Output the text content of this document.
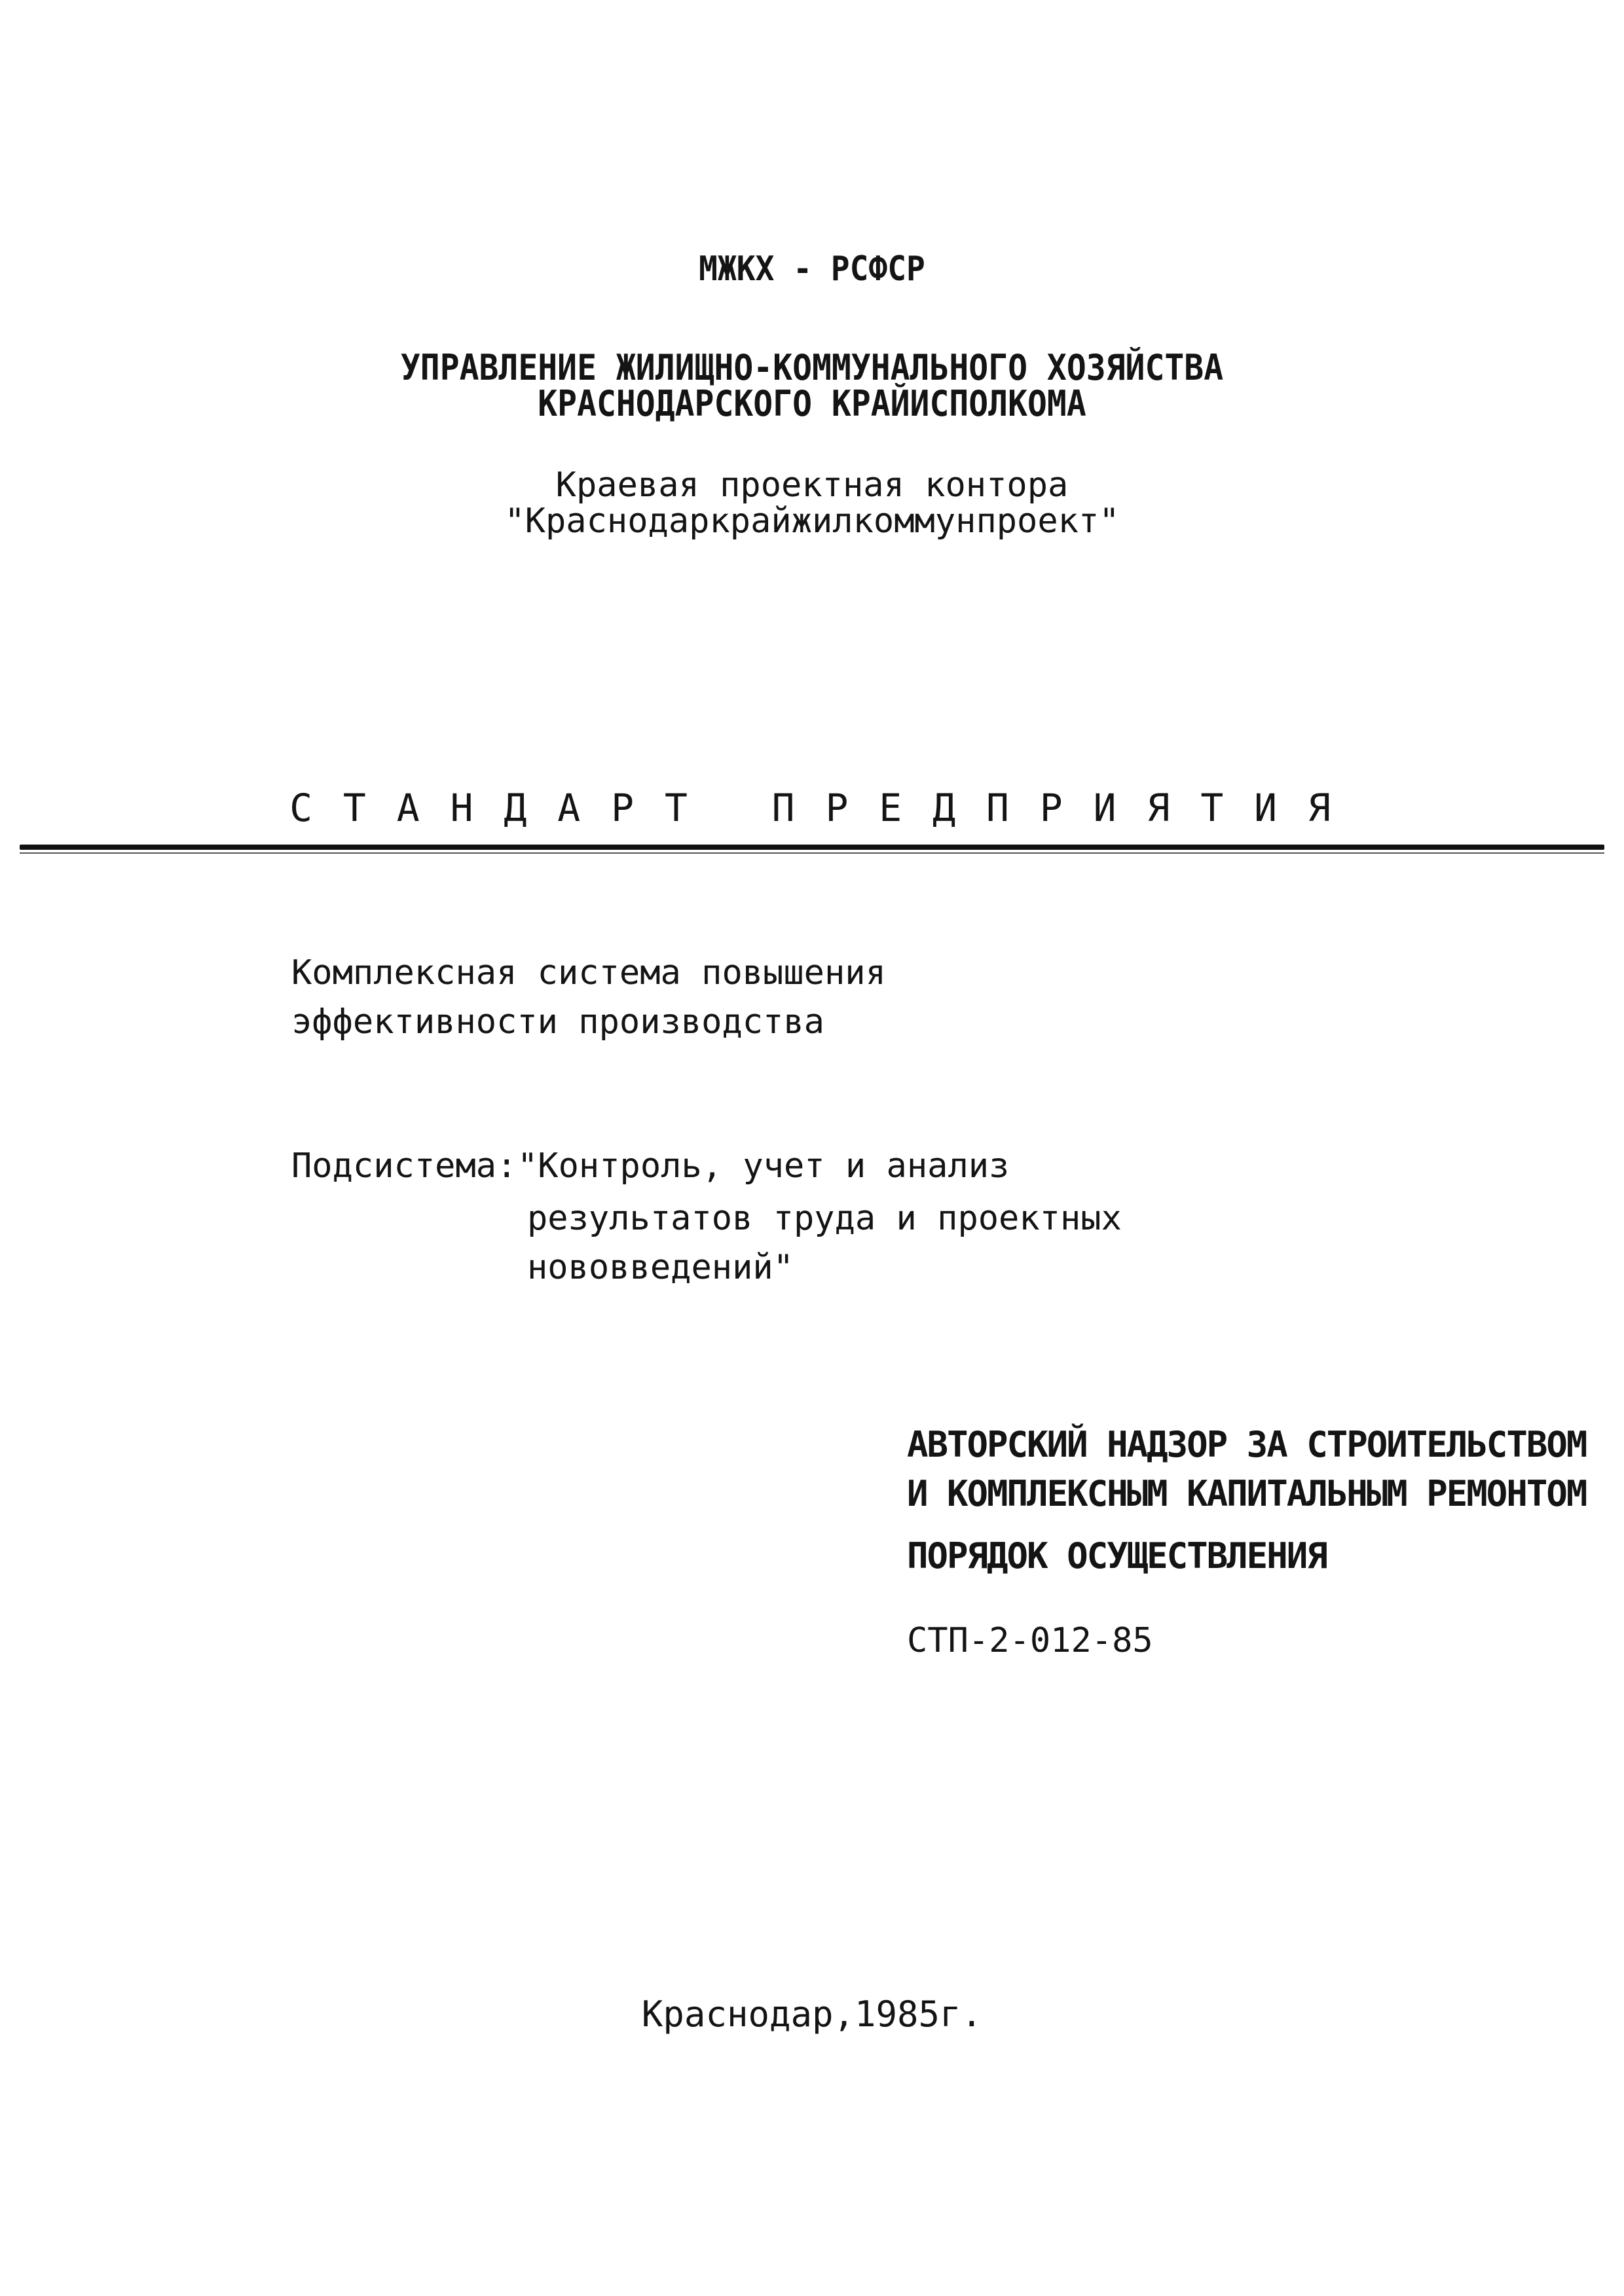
МЖКХ - РСФСР
УПРАВЛЕНИЕ ЖИЛИЩНО-КОММУНАЛЬНОГО ХОЗЯЙСТВА
КРАСНОДАРСКОГО КРАЙИСПОЛКОМА
Краевая проектная контора
"Краснодаркрайжилкоммунпроект"
С Т А Н Д А Р Т   П Р Е Д П Р И Я Т И Я
Комплексная система повышения
эффективности производства
Подсистема: "Контроль, учет и анализ
результатов труда и проектных
нововведений"
АВТОРСКИЙ НАДЗОР ЗА СТРОИТЕЛЬСТВОМ
И КОМПЛЕКСНЫМ КАПИТАЛЬНЫМ РЕМОНТОМ
ПОРЯДОК ОСУЩЕСТВЛЕНИЯ
СТП-2-012-85
Краснодар,1985г.
